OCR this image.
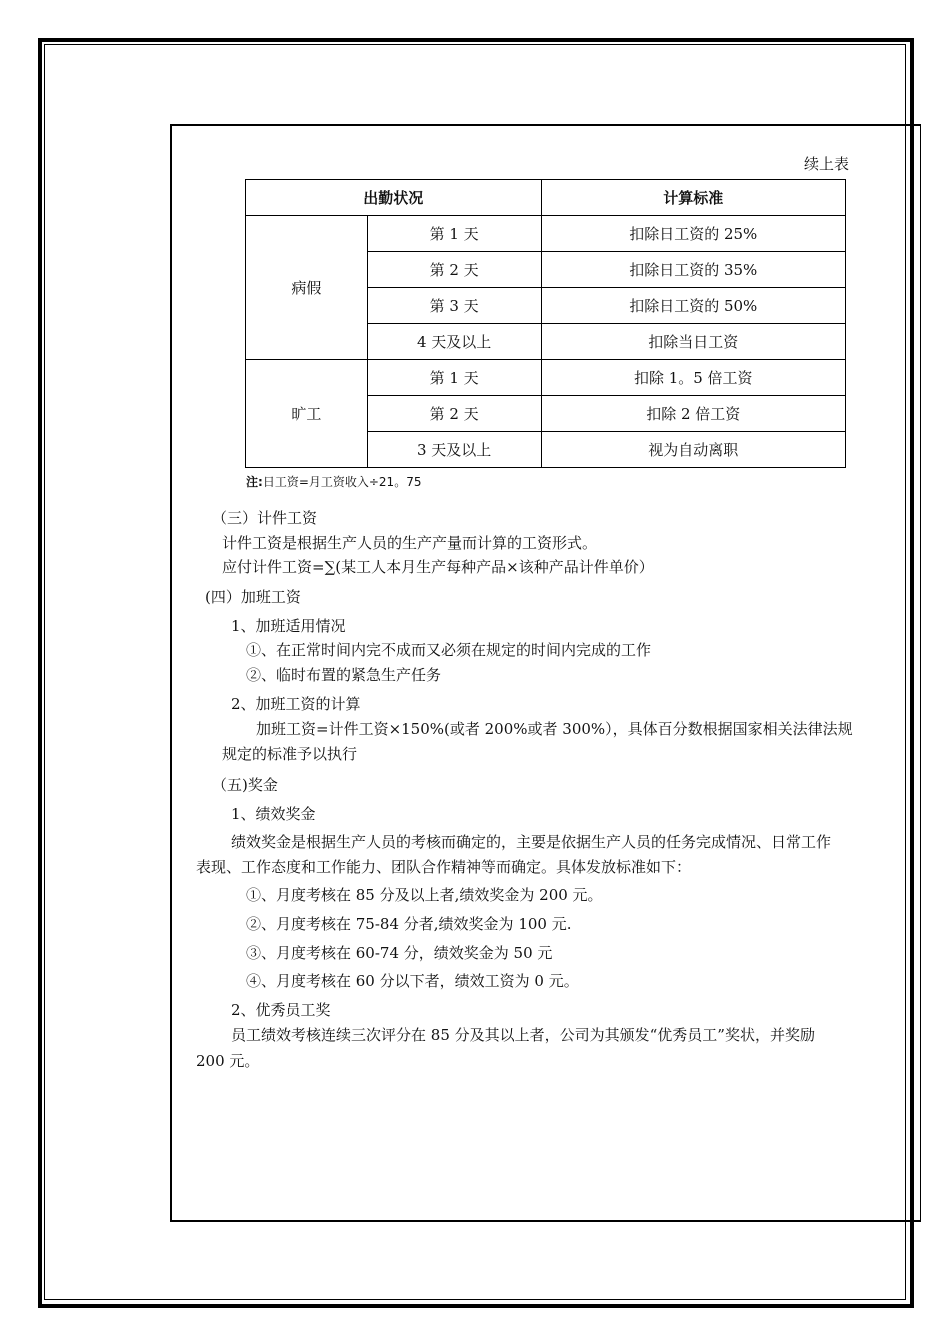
续上表
出勤状况		计算标准
病假	第 1 天	扣除日工资的 25%
	第 2 天	扣除日工资的 35%
	第 3 天	扣除日工资的 50%
	4 天及以上	扣除当日工资
旷工	第 1 天	扣除 1。5 倍工资
	第 2 天	扣除 2 倍工资
	3 天及以上	视为自动离职
注:日工资=月工资收入÷21。75
（三）计件工资
计件工资是根据生产人员的生产产量而计算的工资形式。
应付计件工资=∑(某工人本月生产每种产品×该种产品计件单价）
(四）加班工资
1、加班适用情况
①、在正常时间内完不成而又必须在规定的时间内完成的工作
②、临时布置的紧急生产任务
2、加班工资的计算
加班工资=计件工资×150%(或者 200%或者 300%），具体百分数根据国家相关法律法规
规定的标准予以执行
（五)奖金
1、绩效奖金
绩效奖金是根据生产人员的考核而确定的，主要是依据生产人员的任务完成情况、日常工作
表现、工作态度和工作能力、团队合作精神等而确定。具体发放标准如下：
①、月度考核在 85 分及以上者,绩效奖金为 200 元。
②、月度考核在 75-84 分者,绩效奖金为 100 元.
③、月度考核在 60-74 分，绩效奖金为 50 元
④、月度考核在 60 分以下者，绩效工资为 0 元。
2、优秀员工奖
员工绩效考核连续三次评分在 85 分及其以上者，公司为其颁发“优秀员工”奖状，并奖励
200 元。
